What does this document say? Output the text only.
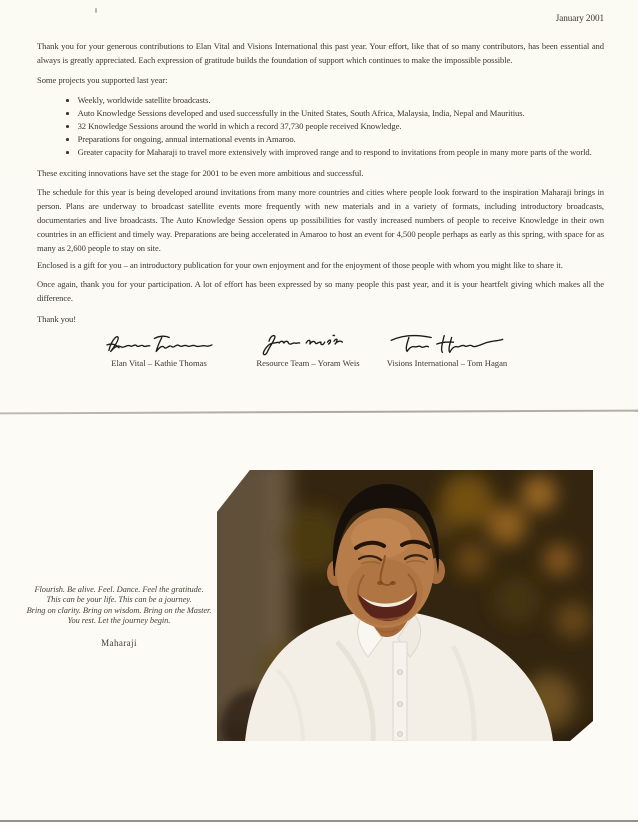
January 2001

Thank you for your generous contributions to Elan Vital and Visions International this past year. Your effort, like that of so many contributors, has been essential and always is greatly appreciated. Each expression of gratitude builds the foundation of support which continues to make the impossible possible.

Some projects you supported last year:

Weekly, worldwide satellite broadcasts.
Auto Knowledge Sessions developed and used successfully in the United States, South Africa, Malaysia, India, Nepal and Mauritius.
32 Knowledge Sessions around the world in which a record 37,730 people received Knowledge.
Preparations for ongoing, annual international events in Amaroo.
Greater capacity for Maharaji to travel more extensively with improved range and to respond to invitations from people in many more parts of the world.

These exciting innovations have set the stage for 2001 to be even more ambitious and successful.

The schedule for this year is being developed around invitations from many more countries and cities where people look forward to the inspiration Maharaji brings in person. Plans are underway to broadcast satellite events more frequently with new materials and in a variety of formats, including introductory broadcasts, documentaries and live broadcasts. The Auto Knowledge Session opens up possibilities for vastly increased numbers of people to receive Knowledge in their own countries in an efficient and timely way. Preparations are being accelerated in Amaroo to host an event for 4,500 people perhaps as early as this spring, with space for as many as 2,600 people to stay on site.

Enclosed is a gift for you – an introductory publication for your own enjoyment and for the enjoyment of those people with whom you might like to share it.

Once again, thank you for your participation. A lot of effort has been expressed by so many people this past year, and it is your heartfelt giving which makes all the difference.

Thank you!

Elan Vital – Kathie Thomas	Resource Team – Yoram Weis	Visions International – Tom Hagan
Flourish. Be alive. Feel. Dance. Feel the gratitude.
This can be your life. This can be a journey.
Bring on clarity. Bring on wisdom. Bring on the Master.
You rest. Let the journey begin.
Maharaji
